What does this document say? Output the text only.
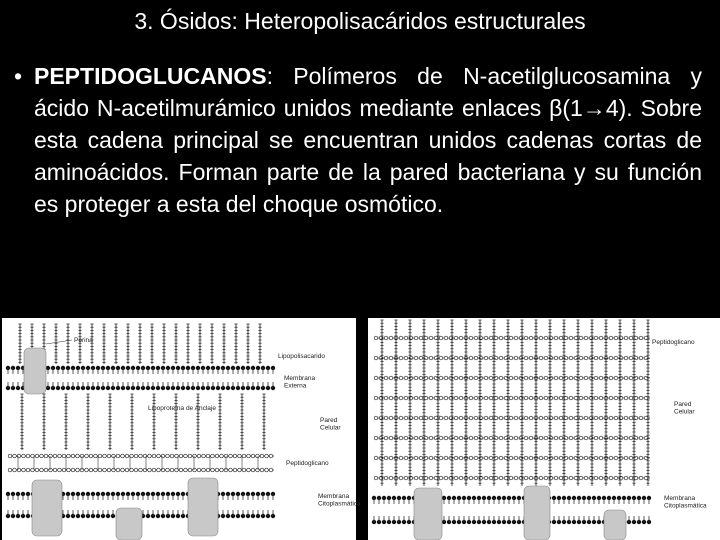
3. Ósidos: Heteropolisacáridos estructurales
• PEPTIDOGLUCANOS: Polímeros de N-acetilglucosamina y ácido N-acetilmurámico unidos mediante enlaces β(1→4). Sobre esta cadena principal se encuentran unidos cadenas cortas de aminoácidos. Forman parte de la pared bacteriana y su función es proteger a esta del choque osmótico.
Porina
Lipopolisacarido
Membrana Externa
Lipoproteína de Anclaje
Pared Celular
Peptidoglicano
Membrana Citoplasmática
Peptidoglicano
Pared Celular
Membrana Citoplasmática
